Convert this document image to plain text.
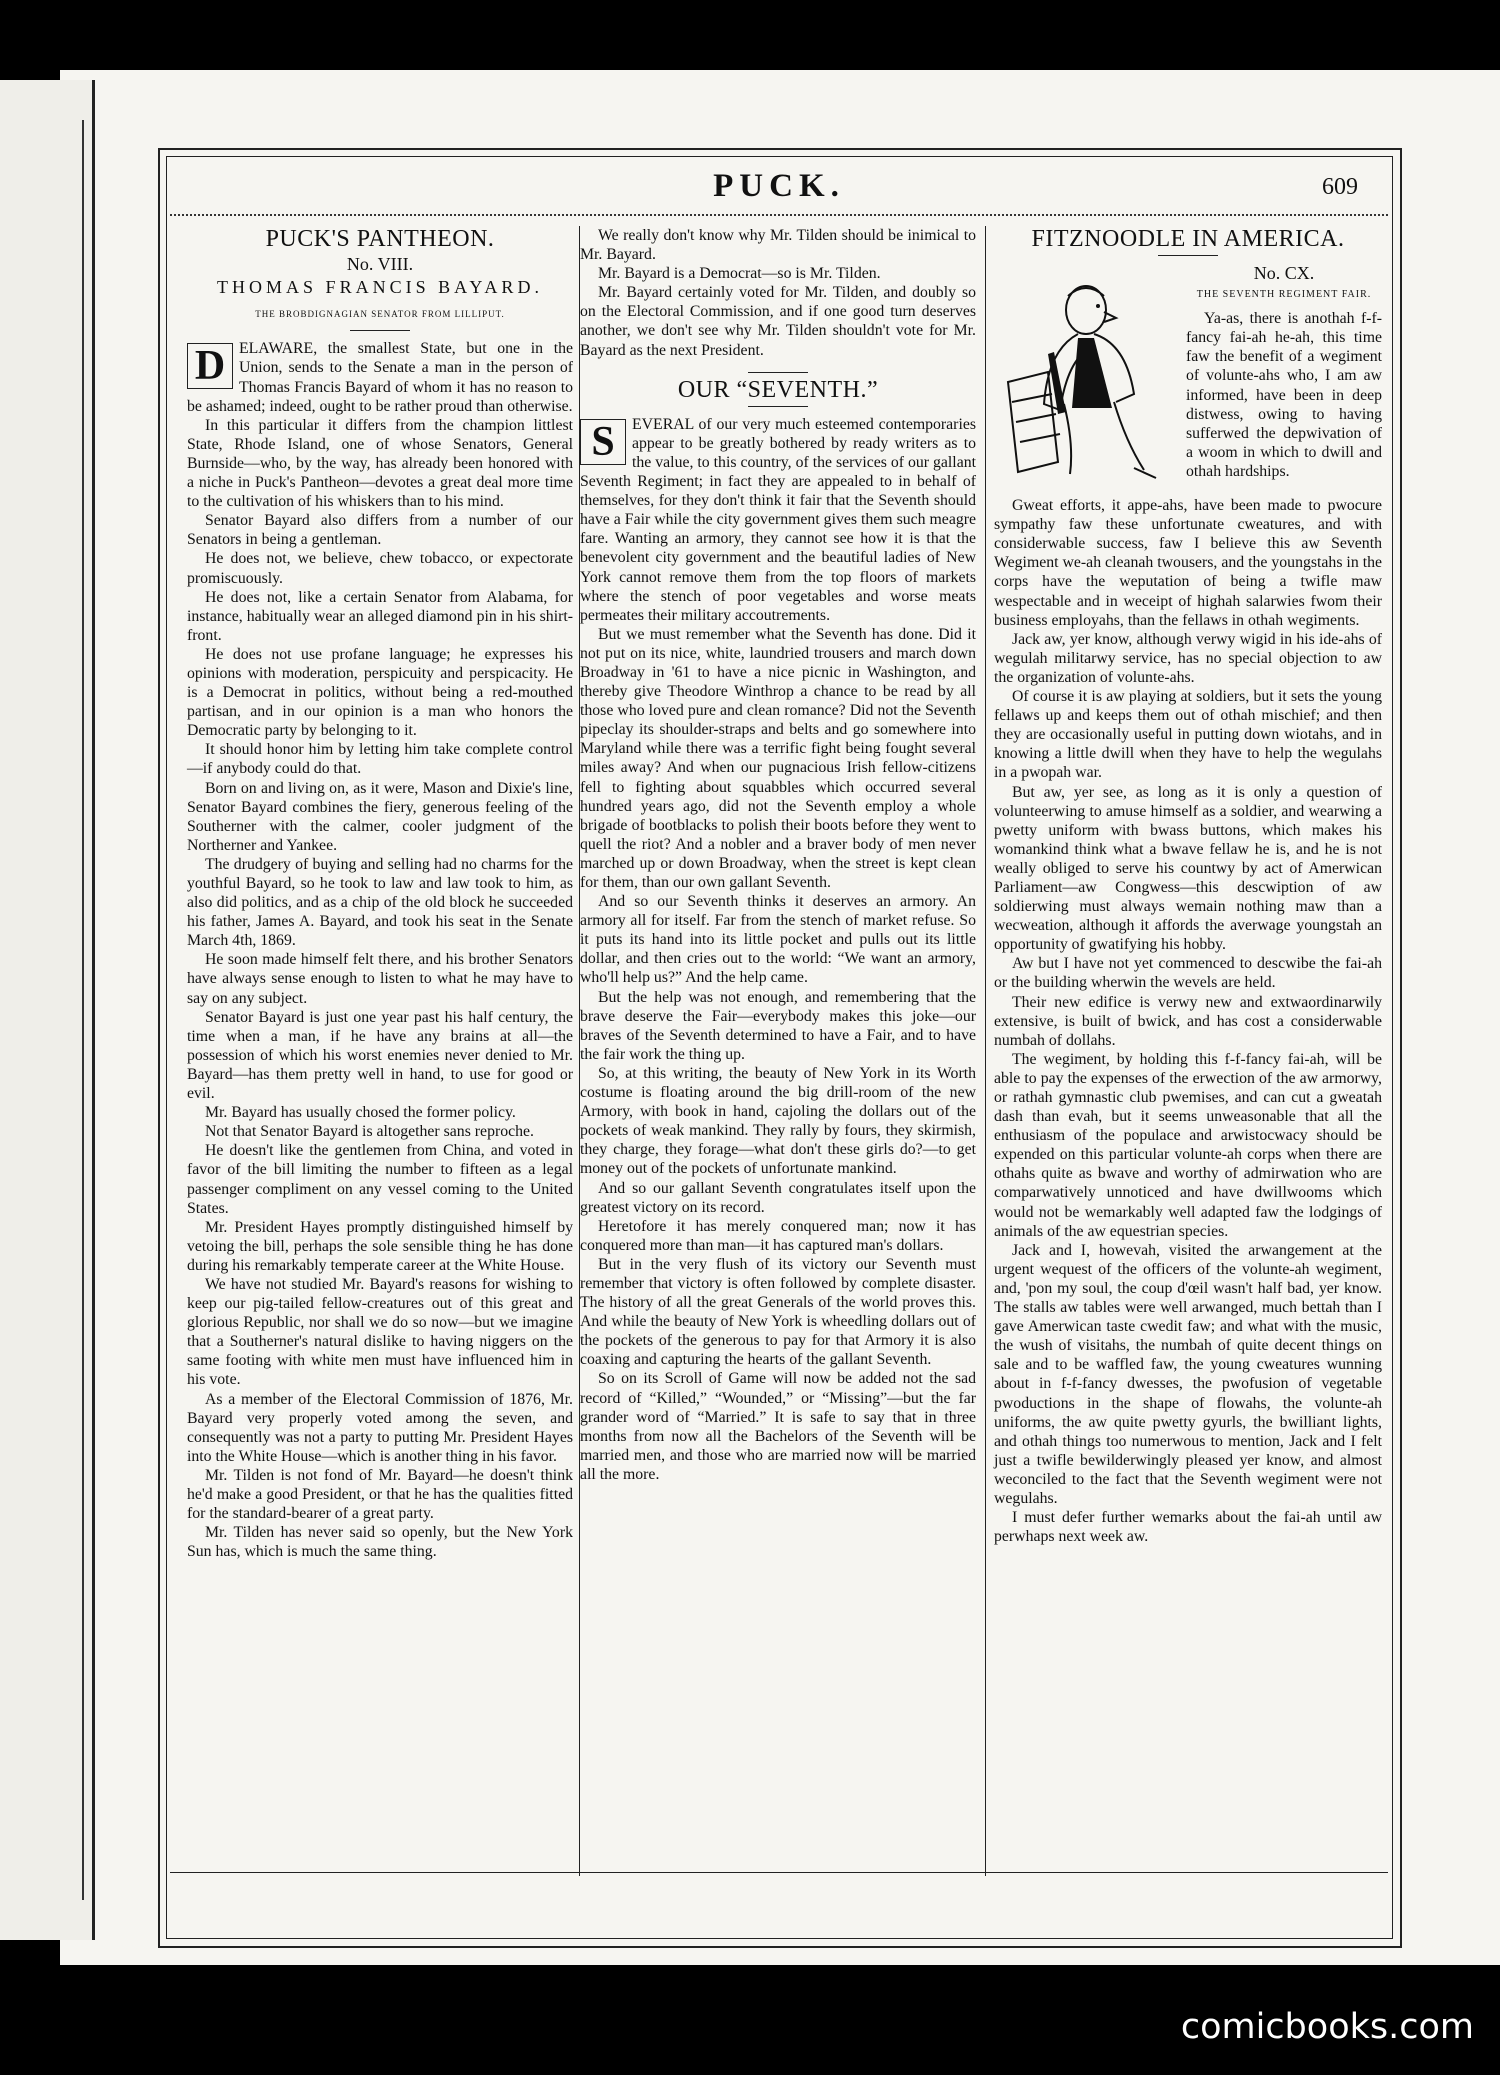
PUCK.	609
PUCK'S PANTHEON.
No. VIII.
THOMAS FRANCIS BAYARD.
THE BROBDIGNAGIAN SENATOR FROM LILLIPUT.

D ELAWARE, the smallest State, but one in the Union, sends to the Senate a man in the person of Thomas Francis Bayard of whom it has no reason to be ashamed; indeed, ought to be rather proud than otherwise.

In this particular it differs from the champion littlest State, Rhode Island, one of whose Senators, General Burnside—who, by the way, has already been honored with a niche in Puck's Pantheon—devotes a great deal more time to the cultivation of his whiskers than to his mind.

Senator Bayard also differs from a number of our Senators in being a gentleman.

He does not, we believe, chew tobacco, or expectorate promiscuously.

He does not, like a certain Senator from Alabama, for instance, habitually wear an alleged diamond pin in his shirt-front.

He does not use profane language; he expresses his opinions with moderation, perspicuity and perspicacity. He is a Democrat in politics, without being a red-mouthed partisan, and in our opinion is a man who honors the Democratic party by belonging to it.

It should honor him by letting him take complete control—if anybody could do that.

Born on and living on, as it were, Mason and Dixie's line, Senator Bayard combines the fiery, generous feeling of the Southerner with the calmer, cooler judgment of the Northerner and Yankee.

The drudgery of buying and selling had no charms for the youthful Bayard, so he took to law and law took to him, as also did politics, and as a chip of the old block he succeeded his father, James A. Bayard, and took his seat in the Senate March 4th, 1869.

He soon made himself felt there, and his brother Senators have always sense enough to listen to what he may have to say on any subject.

Senator Bayard is just one year past his half century, the time when a man, if he have any brains at all—the possession of which his worst enemies never denied to Mr. Bayard—has them pretty well in hand, to use for good or evil.

Mr. Bayard has usually chosed the former policy.

Not that Senator Bayard is altogether sans reproche.

He doesn't like the gentlemen from China, and voted in favor of the bill limiting the number to fifteen as a legal passenger compliment on any vessel coming to the United States.

Mr. President Hayes promptly distinguished himself by vetoing the bill, perhaps the sole sensible thing he has done during his remarkably temperate career at the White House.

We have not studied Mr. Bayard's reasons for wishing to keep our pig-tailed fellow-creatures out of this great and glorious Republic, nor shall we do so now—but we imagine that a Southerner's natural dislike to having niggers on the same footing with white men must have influenced him in his vote.

As a member of the Electoral Commission of 1876, Mr. Bayard very properly voted among the seven, and consequently was not a party to putting Mr. President Hayes into the White House—which is another thing in his favor.

Mr. Tilden is not fond of Mr. Bayard—he doesn't think he'd make a good President, or that he has the qualities fitted for the standard-bearer of a great party.

Mr. Tilden has never said so openly, but the New York Sun has, which is much the same thing.

We really don't know why Mr. Tilden should be inimical to Mr. Bayard.

Mr. Bayard is a Democrat—so is Mr. Tilden.

Mr. Bayard certainly voted for Mr. Tilden, and doubly so on the Electoral Commission, and if one good turn deserves another, we don't see why Mr. Tilden shouldn't vote for Mr. Bayard as the next President.

OUR “SEVENTH.”

S	EVERAL of our very much esteemed contemporaries appear to be greatly bothered by ready writers as to the value, to this country, of the services of our gallant Seventh Regiment; in fact they are appealed to in behalf of themselves, for they don't think it fair that the Seventh should have a Fair while the city government gives them such meagre fare. Wanting an armory, they cannot see how it is that the benevolent city government and the beautiful ladies of New York cannot remove them from the top floors of markets where the stench of poor vegetables and worse meats permeates their military accoutrements.

But we must remember what the Seventh has done. Did it not put on its nice, white, laundried trousers and march down Broadway in '61 to have a nice picnic in Washington, and thereby give Theodore Winthrop a chance to be read by all those who loved pure and clean romance? Did not the Seventh pipeclay its shoulder-straps and belts and go somewhere into Maryland while there was a terrific fight being fought several miles away? And when our pugnacious Irish fellow-citizens fell to fighting about squabbles which occurred several hundred years ago, did not the Seventh employ a whole brigade of bootblacks to polish their boots before they went to quell the riot? And a nobler and a braver body of men never marched up or down Broadway, when the street is kept clean for them, than our own gallant Seventh.

And so our Seventh thinks it deserves an armory. An armory all for itself. Far from the stench of market refuse. So it puts its hand into its little pocket and pulls out its little dollar, and then cries out to the world: “We want an armory, who'll help us?” And the help came.

But the help was not enough, and remembering that the brave deserve the Fair—everybody makes this joke—our braves of the Seventh determined to have a Fair, and to have the fair work the thing up.

So, at this writing, the beauty of New York in its Worth costume is floating around the big drill-room of the new Armory, with book in hand, cajoling the dollars out of the pockets of weak mankind. They rally by fours, they skirmish, they charge, they forage—what don't these girls do?—to get money out of the pockets of unfortunate mankind.

And so our gallant Seventh congratulates itself upon the greatest victory on its record.

Heretofore it has merely conquered man; now it has conquered more than man—it has captured man's dollars.

But in the very flush of its victory our Seventh must remember that victory is often followed by complete disaster. The history of all the great Generals of the world proves this. And while the beauty of New York is wheedling dollars out of the pockets of the generous to pay for that Armory it is also coaxing and capturing the hearts of the gallant Seventh.

So on its Scroll of Game will now be added not the sad record of “Killed,” “Wounded,” or “Missing”—but the far grander word of “Married.” It is safe to say that in three months from now all the Bachelors of the Seventh will be married men, and those who are married now will be married all the more.

FITZNOODLE IN AMERICA.
No. CX.
THE SEVENTH REGIMENT FAIR.

Ya-as, there is anothah f-f-fancy fai-ah he-ah, this time faw the benefit of a wegiment of volunte-ahs who, I am aw informed, have been in deep distwess, owing to having sufferwed the depwivation of a woom in which to dwill and othah hardships.

Gweat efforts, it appe-ahs, have been made to pwocure sympathy faw these unfortunate cweatures, and with considerwable success, faw I believe this aw Seventh Wegiment we-ah cleanah twousers, and the youngstahs in the corps have the weputation of being a twifle maw wespectable and in weceipt of highah salarwies fwom their business employahs, than the fellaws in othah wegiments.

Jack aw, yer know, although verwy wigid in his ide-ahs of wegulah militarwy service, has no special objection to aw the organization of volunte-ahs.

Of course it is aw playing at soldiers, but it sets the young fellaws up and keeps them out of othah mischief; and then they are occasionally useful in putting down wiotahs, and in knowing a little dwill when they have to help the wegulahs in a pwopah war.

But aw, yer see, as long as it is only a question of volunteerwing to amuse himself as a soldier, and wearwing a pwetty uniform with bwass buttons, which makes his womankind think what a bwave fellaw he is, and he is not weally obliged to serve his countwy by act of Amerwican Parliament—aw Congwess—this descwiption of aw soldierwing must always wemain nothing maw than a wecweation, although it affords the averwage youngstah an opportunity of gwatifying his hobby.

Aw but I have not yet commenced to descwibe the fai-ah or the building wherwin the wevels are held.

Their new edifice is verwy new and extwaordinarwily extensive, is built of bwick, and has cost a considerwable numbah of dollahs.

The wegiment, by holding this f-f-fancy fai-ah, will be able to pay the expenses of the erwection of the aw armorwy, or rathah gymnastic club pwemises, and can cut a gweatah dash than evah, but it seems unweasonable that all the enthusiasm of the populace and arwistocwacy should be expended on this particular volunte-ah corps when there are othahs quite as bwave and worthy of admirwation who are comparwatively unnoticed and have dwillwooms which would not be wemarkably well adapted faw the lodgings of animals of the aw equestrian species.

Jack and I, howevah, visited the arwangement at the urgent wequest of the officers of the volunte-ah wegiment, and, 'pon my soul, the coup d'œil wasn't half bad, yer know. The stalls aw tables were well arwanged, much bettah than I gave Amerwican taste cwedit faw; and what with the music, the wush of visitahs, the numbah of quite decent things on sale and to be waffled faw, the young cweatures wunning about in f-f-fancy dwesses, the pwofusion of vegetable pwoductions in the shape of flowahs, the volunte-ah uniforms, the aw quite pwetty gyurls, the bwilliant lights, and othah things too numerwous to mention, Jack and I felt just a twifle bewilderwingly pleased yer know, and almost weconciled to the fact that the Seventh wegiment were not wegulahs.

I must defer further wemarks about the fai-ah until aw perwhaps next week aw.

comicbooks.com
